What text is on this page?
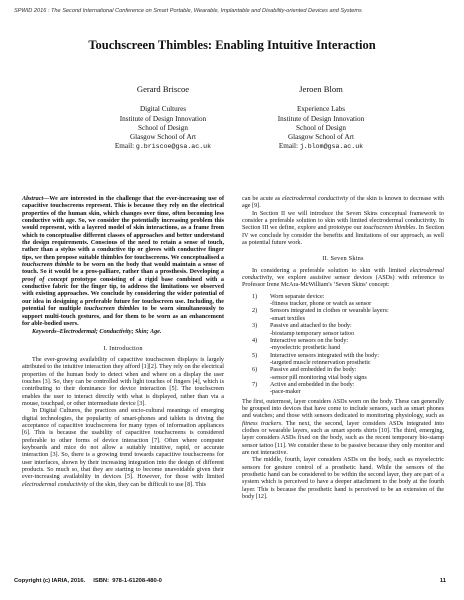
SPWID 2016 : The Second International Conference on Smart Portable, Wearable, Implantable and Disability-oriented Devices and Systems
Touchscreen Thimbles: Enabling Intuitive Interaction
Gerard Briscoe
Digital Cultures
Institute of Design Innovation
School of Design
Glasgow School of Art
Email: g.briscoe@gsa.ac.uk
Jeroen Blom
Experience Labs
Institute of Design Innovation
School of Design
Glasgow School of Art
Email: j.blom@gsa.ac.uk

Abstract—We are interested in the challenge that the ever-increasing use of capacitive touchscreens represent. This is because they rely on the electrical properties of the human skin, which changes over time, often becoming less conductive with age. So, we consider the potentially increasing problem this would represent, with a layered model of skin interactions, as a frame from which to conceptualise different classes of approaches and better understand the design requirements. Conscious of the need to retain a sense of touch, rather than a stylus with a conductive tip or gloves with conductive finger tips, we then propose suitable thimbles for touchscreens. We conceptualised a touchscreen thimble to be worn on the body that would maintain a sense of touch. So it would be a pros-palliare, rather than a prosthesis. Developing a proof of concept prototype consisting of a rigid base combined with a conductive fabric for the finger tip, to address the limitations we observed with existing approaches. We conclude by considering the wider potential of our idea in designing a preferable future for touchscreen use. Including, the potential for multiple touchscreen thimbles to be worn simultaneously to support multi-touch gestures, and for them to be worn as an enhancement for able-bodied users.

Keywords–Electrodermal; Conductivity; Skin; Age.

I. Introduction

The ever-growing availability of capacitive touchscreen displays is largely attributed to the intuitive interaction they afford [1][2]. They rely on the electrical properties of the human body to detect when and where on a display the user touches [3]. So, they can be controlled with light touches of fingers [4], which is contributing to their dominance for device interaction [5]. The touchscreen enables the user to interact directly with what is displayed, rather than via a mouse, touchpad, or other intermediate device [3].

In Digital Cultures, the practices and socio-cultural meanings of emerging digital technologies, the popularity of smart-phones and tablets is driving the acceptance of capacitive touchscreens for many types of information appliances [6]. This is because the usability of capacitive touchscreens is considered preferable to other forms of device interaction [7]. Often where computer keyboards and mice do not allow a suitably intuitive, rapid, or accurate interaction [3]. So, there is a growing trend towards capacitive touchscreens for user interfaces, shown by their increasing integration into the design of different products. So much so, that they are starting to become unavoidable given their ever-increasing availability in devices [5]. However, for those with limited electrodermal conductivity of the skin, they can be difficult to use [8]. This

can be acute as electrodermal conductivity of the skin is known to decrease with age [9].

In Section II we will introduce the Seven Skins conceptual framework to consider a preferable solution to skin with limited electrodermal conductivity. In Section III we define, explore and prototype our touchscreen thimbles. In Section IV we conclude by consider the benefits and limitations of our approach, as well as potential future work.

II. Seven Skins

In considering a preferable solution to skin with limited electrodermal conductivity, we explore assistive sensor devices (ASDs) with reference to Professor Irene McAra-McWilliam's ‘Seven Skins’ concept:

1) Worn separate device:
-fitness tracker, phone or watch as sensor
2) Sensors integrated in clothes or wearable layers:
-smart textiles
3) Passive and attached to the body:
-biostamp temporary sensor tattoo
4) Interactive sensors on the body:
-myoelectric prosthetic hand
5) Interactive sensors integrated with the body:
-targeted muscle reinnervation prosthetic
6) Passive and embedded in the body:
-sensor pill monitoring vital body signs
7) Active and embedded in the body:
-pace-maker

The first, outermost, layer considers ASDs worn on the body. These can generally be grouped into devices that have come to include sensors, such as smart phones and watches; and those with sensors dedicated to monitoring physiology, such as fitness trackers. The next, the second, layer considers ASDs integrated into clothes or wearable layers, such as smart sports shirts [10]. The third, emerging, layer considers ASDs fixed on the body, such as the recent temporary bio-stamp sensor tattoo [11]. We consider these to be passive because they only monitor and are not interactive.

The middle, fourth, layer considers ASDs on the body, such as myoelectric sensors for gesture control of a prosthetic hand. While the sensors of the prosthetic hand can be considered to be within the second layer, they are part of a system which is perceived to have a deeper attachment to the body at the fourth layer. This is because the prosthetic hand is perceived to be an extension of the body [12].

Copyright (c) IARIA, 2016.     ISBN:  978-1-61208-480-0	11
